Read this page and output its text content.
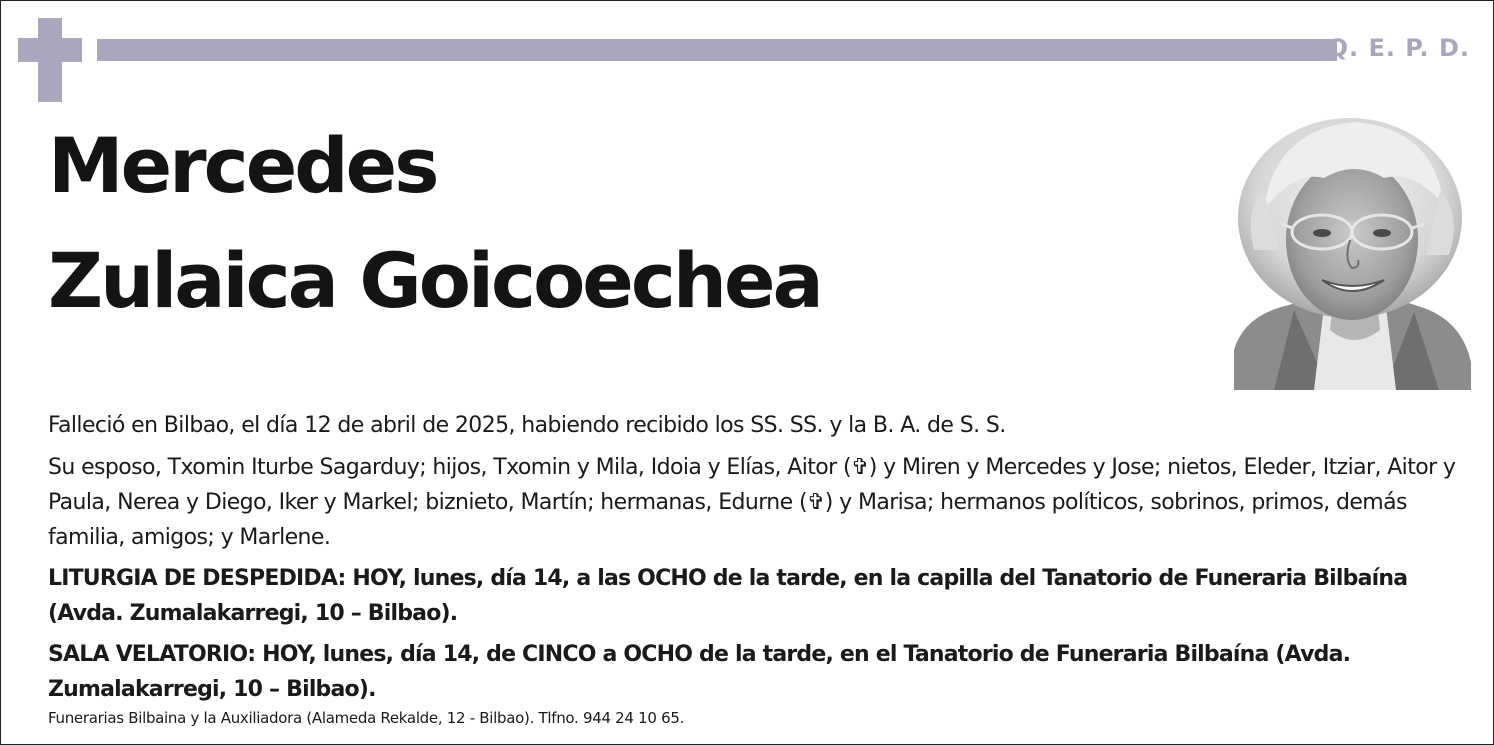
Q. E. P. D.
Mercedes
Zulaica Goicoechea
Falleció en Bilbao, el día 12 de abril de 2025, habiendo recibido los SS. SS. y la B. A. de S. S.
Su esposo, Txomin Iturbe Sagarduy; hijos, Txomin y Mila, Idoia y Elías, Aitor (✞) y Miren y Mercedes y Jose; nietos, Eleder, Itziar, Aitor y Paula, Nerea y Diego, Iker y Markel; biznieto, Martín; hermanas, Edurne (✞) y Marisa; hermanos políticos, sobrinos, primos, demás familia, amigos; y Marlene.
LITURGIA DE DESPEDIDA: HOY, lunes, día 14, a las OCHO de la tarde, en la capilla del Tanatorio de Funeraria Bilbaína (Avda. Zumalakarregi, 10 – Bilbao).
SALA VELATORIO: HOY, lunes, día 14, de CINCO a OCHO de la tarde, en el Tanatorio de Funeraria Bilbaína (Avda. Zumalakarregi, 10 – Bilbao).
Funerarias Bilbaina y la Auxiliadora (Alameda Rekalde, 12 - Bilbao). Tlfno. 944 24 10 65.
